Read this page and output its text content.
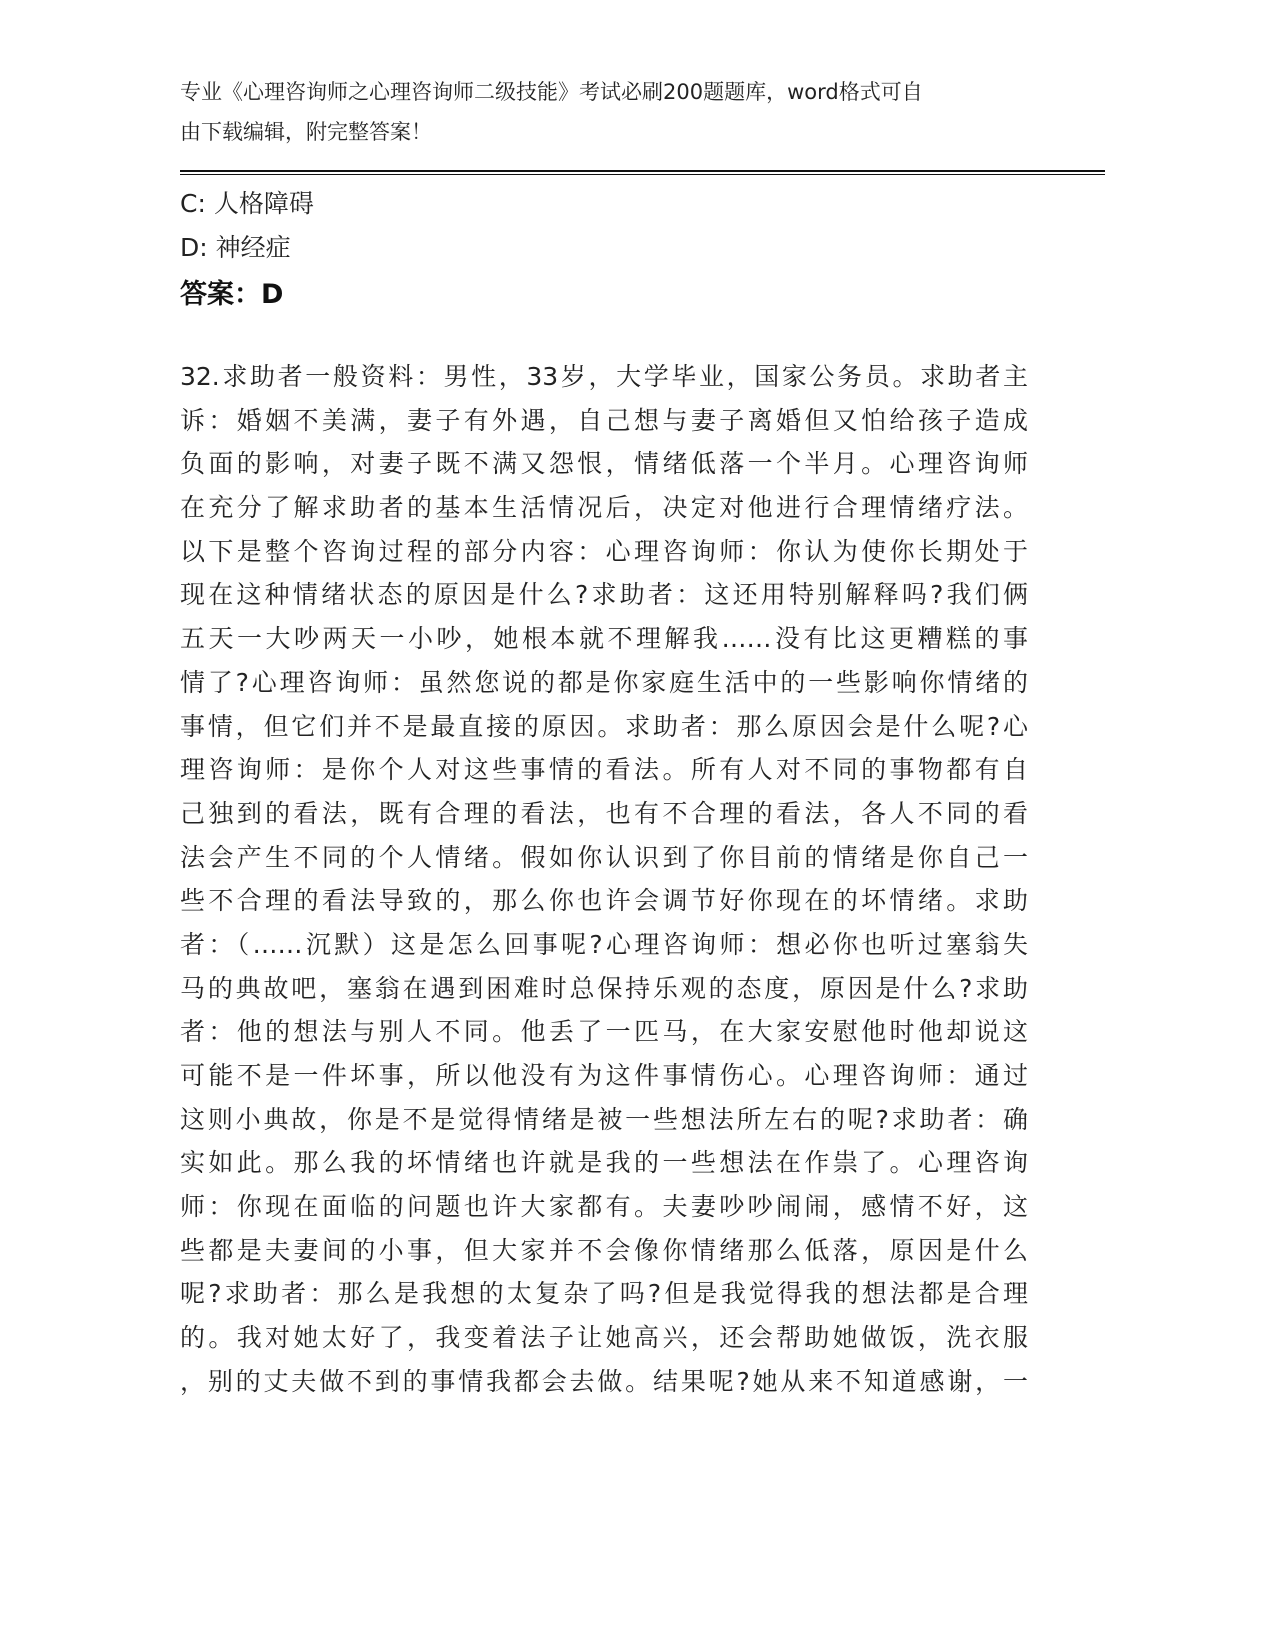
专业《心理咨询师之心理咨询师二级技能》考试必刷200题题库，word格式可自
由下载编辑，附完整答案！
C: 人格障碍
D: 神经症
答案：D
32.求助者一般资料：男性，33岁，大学毕业，国家公务员。求助者主
诉：婚姻不美满，妻子有外遇，自己想与妻子离婚但又怕给孩子造成
负面的影响，对妻子既不满又怨恨，情绪低落一个半月。心理咨询师
在充分了解求助者的基本生活情况后，决定对他进行合理情绪疗法。
以下是整个咨询过程的部分内容：心理咨询师：你认为使你长期处于
现在这种情绪状态的原因是什么?求助者：这还用特别解释吗?我们俩
五天一大吵两天一小吵，她根本就不理解我……没有比这更糟糕的事
情了?心理咨询师：虽然您说的都是你家庭生活中的一些影响你情绪的
事情，但它们并不是最直接的原因。求助者：那么原因会是什么呢?心
理咨询师：是你个人对这些事情的看法。所有人对不同的事物都有自
己独到的看法，既有合理的看法，也有不合理的看法，各人不同的看
法会产生不同的个人情绪。假如你认识到了你目前的情绪是你自己一
些不合理的看法导致的，那么你也许会调节好你现在的坏情绪。求助
者：（……沉默）这是怎么回事呢?心理咨询师：想必你也听过塞翁失
马的典故吧，塞翁在遇到困难时总保持乐观的态度，原因是什么?求助
者：他的想法与别人不同。他丢了一匹马，在大家安慰他时他却说这
可能不是一件坏事，所以他没有为这件事情伤心。心理咨询师：通过
这则小典故，你是不是觉得情绪是被一些想法所左右的呢?求助者：确
实如此。那么我的坏情绪也许就是我的一些想法在作祟了。心理咨询
师：你现在面临的问题也许大家都有。夫妻吵吵闹闹，感情不好，这
些都是夫妻间的小事，但大家并不会像你情绪那么低落，原因是什么
呢?求助者：那么是我想的太复杂了吗?但是我觉得我的想法都是合理
的。我对她太好了，我变着法子让她高兴，还会帮助她做饭，洗衣服
，别的丈夫做不到的事情我都会去做。结果呢?她从来不知道感谢，一
